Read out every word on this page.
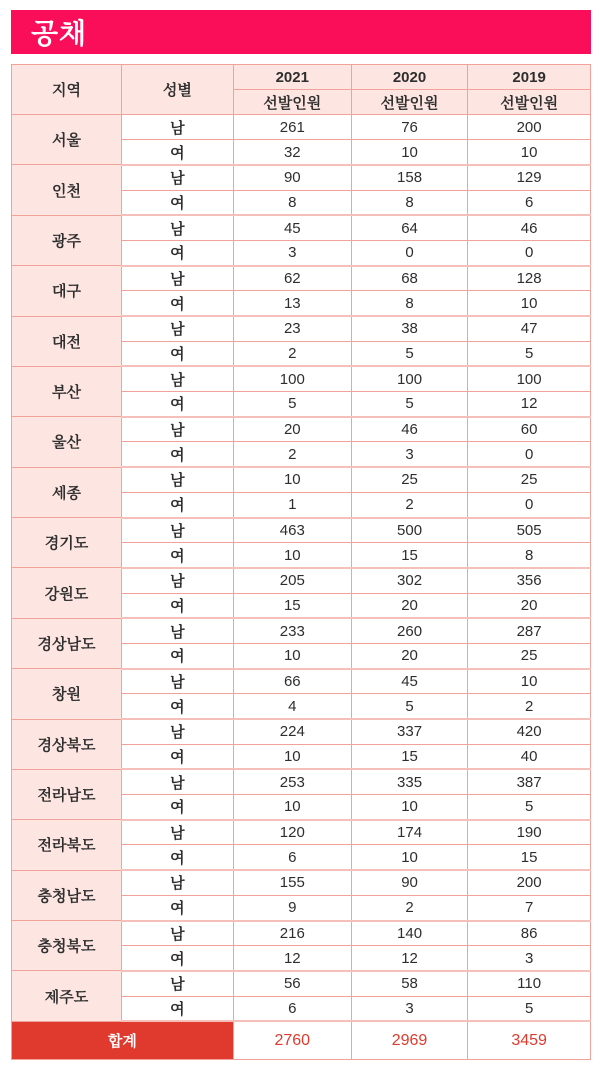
공채
지역	성별	2021	2020	2019
		선발인원	선발인원	선발인원
서울	남	261	76	200
	여	32	10	10
인천	남	90	158	129
	여	8	8	6
광주	남	45	64	46
	여	3	0	0
대구	남	62	68	128
	여	13	8	10
대전	남	23	38	47
	여	2	5	5
부산	남	100	100	100
	여	5	5	12
울산	남	20	46	60
	여	2	3	0
세종	남	10	25	25
	여	1	2	0
경기도	남	463	500	505
	여	10	15	8
강원도	남	205	302	356
	여	15	20	20
경상남도	남	233	260	287
	여	10	20	25
창원	남	66	45	10
	여	4	5	2
경상북도	남	224	337	420
	여	10	15	40
전라남도	남	253	335	387
	여	10	10	5
전라북도	남	120	174	190
	여	6	10	15
충청남도	남	155	90	200
	여	9	2	7
충청북도	남	216	140	86
	여	12	12	3
제주도	남	56	58	110
	여	6	3	5
합계		2760	2969	3459
